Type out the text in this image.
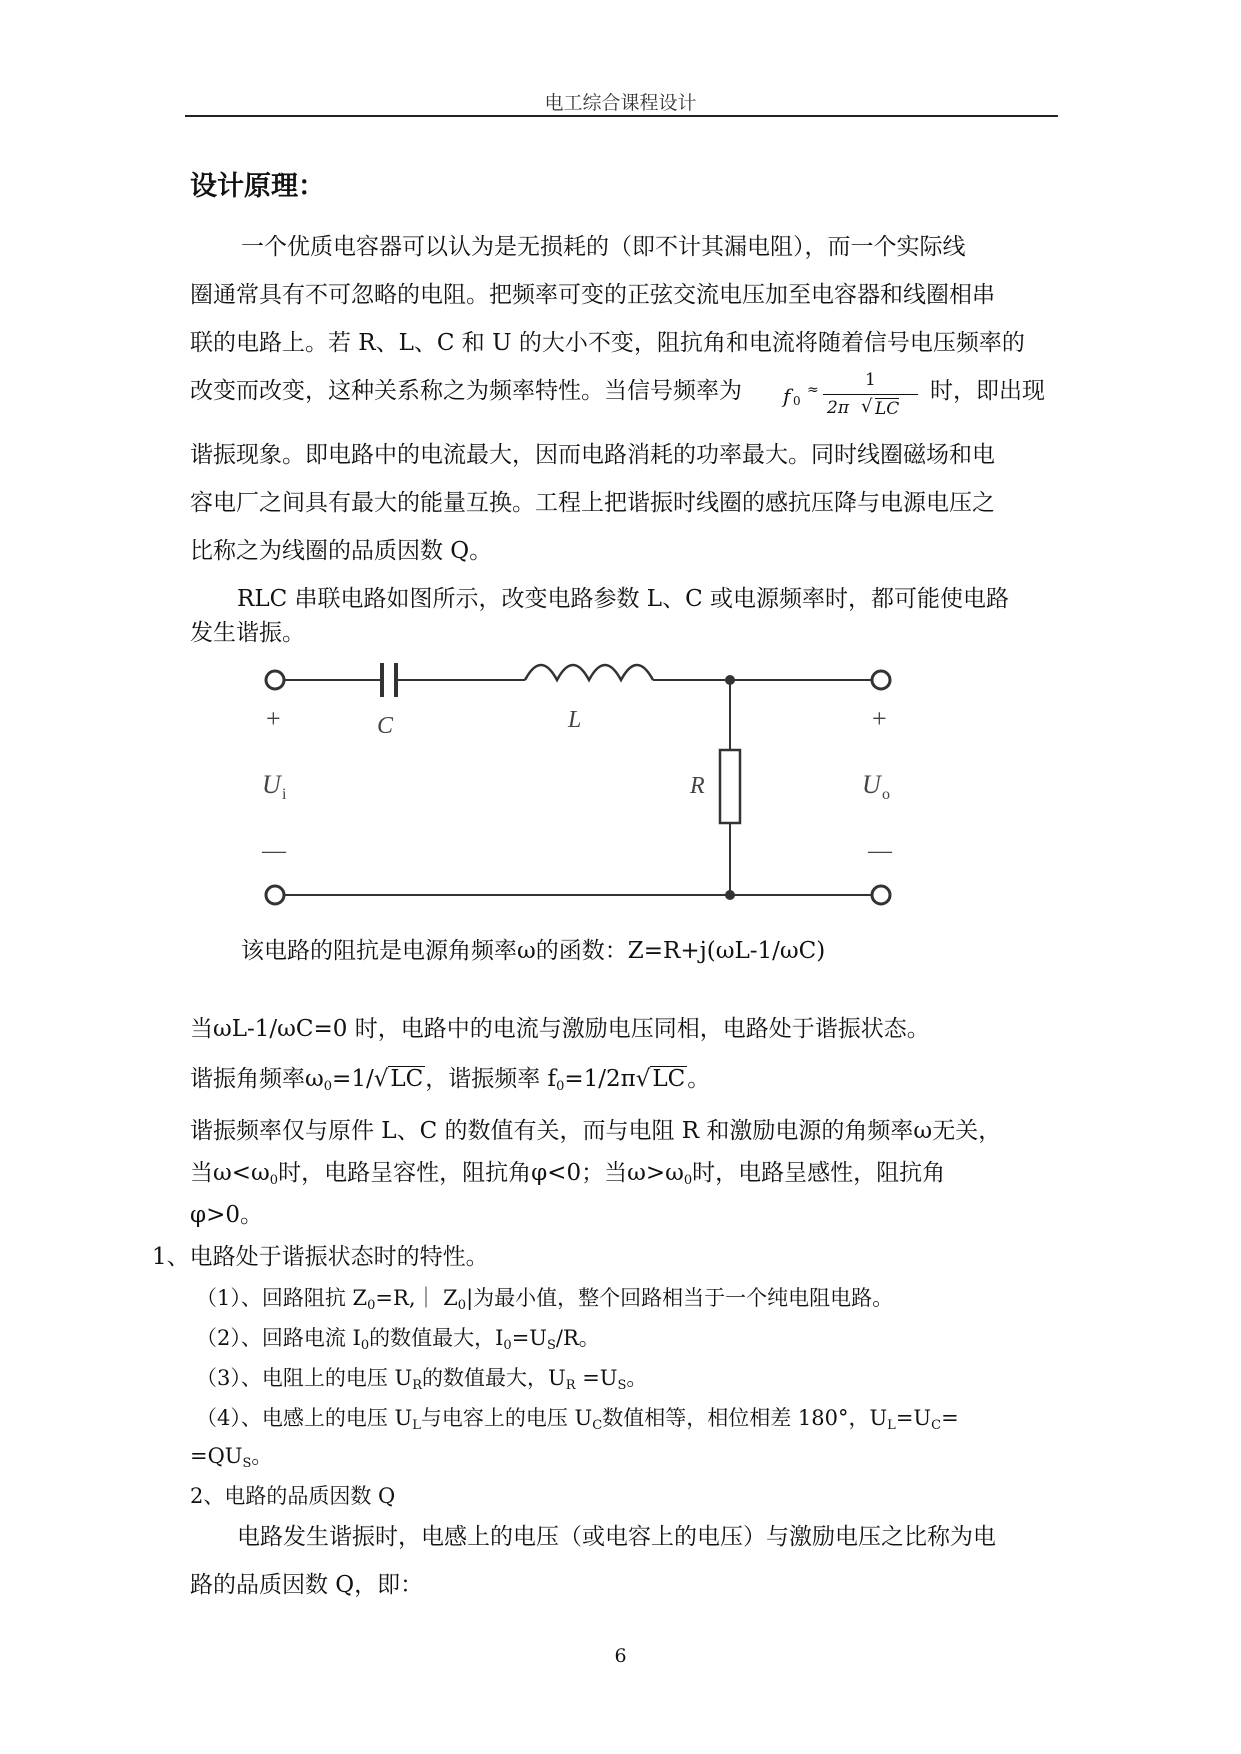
电工综合课程设计
设计原理：
一个优质电容器可以认为是无损耗的（即不计其漏电阻），而一个实际线
圈通常具有不可忽略的电阻。把频率可变的正弦交流电压加至电容器和线圈相串
联的电路上。若 R、L、C 和 U 的大小不变，阻抗角和电流将随着信号电压频率的
改变而改变，这种关系称之为频率特性。当信号频率为 f 0
≈	1
2π √ LC
时，即出现
谐振现象。即电路中的电流最大，因而电路消耗的功率最大。同时线圈磁场和电
容电厂之间具有最大的能量互换。工程上把谐振时线圈的感抗压降与电源电压之
比称之为线圈的品质因数 Q。
RLC 串联电路如图所示，改变电路参数 L、C 或电源频率时，都可能使电路
发生谐振。
+	+
C	L
R
U i	U o
—	—
该电路的阻抗是电源角频率ω的函数：Z=R+j(ωL-1/ωC)
当ωL-1/ωC=0 时，电路中的电流与激励电压同相，电路处于谐振状态。
谐振角频率$\omega_0=1/√LC$，谐振频率 $f_0=1/2\pi√LC$。
谐振频率仅与原件 L、C 的数值有关，而与电阻 R 和激励电源的角频率ω无关，
当$\omega<\omega_0$时，电路呈容性，阻抗角φ<0；当$\omega>\omega_0$时，电路呈感性，阻抗角
φ>0。
1、电路处于谐振状态时的特性。
（1）、回路阻抗 $Z_0=R,|$ $Z_0|$为最小值，整个回路相当于一个纯电阻电路。
（2）、回路电流 $I_0$的数值最大，$I_0=U_S/R$。
（3）、电阻上的电压 $U_R$的数值最大，$U_R =U_S$。
（4）、电感上的电压 $U_L$与电容上的电压 $U_C$数值相等，相位相差 180°，$U_L=U_C=$
$=QU_S$。
2、电路的品质因数 Q
电路发生谐振时，电感上的电压（或电容上的电压）与激励电压之比称为电
路的品质因数 Q，即：
6
